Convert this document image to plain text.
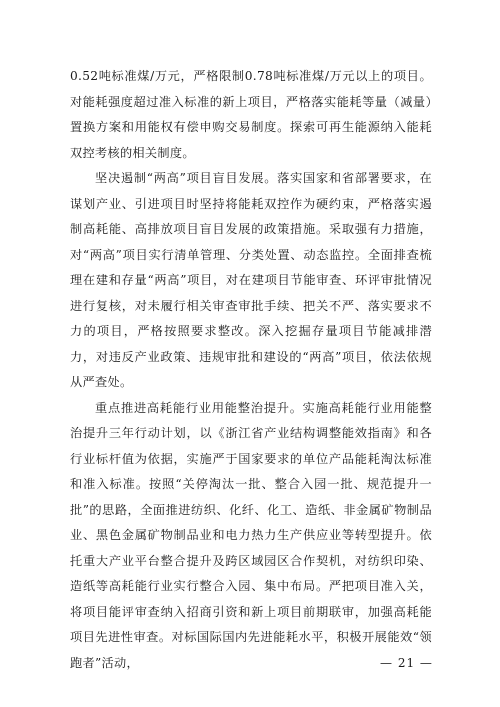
0.52吨标准煤/万元，严格限制0.78吨标准煤/万元以上的项目。对能耗强度超过准入标准的新上项目，严格落实能耗等量（减量）置换方案和用能权有偿申购交易制度。探索可再生能源纳入能耗双控考核的相关制度。

坚决遏制“两高”项目盲目发展。落实国家和省部署要求，在谋划产业、引进项目时坚持将能耗双控作为硬约束，严格落实遏制高耗能、高排放项目盲目发展的政策措施。采取强有力措施，对“两高”项目实行清单管理、分类处置、动态监控。全面排查梳理在建和存量“两高”项目，对在建项目节能审查、环评审批情况进行复核，对未履行相关审查审批手续、把关不严、落实要求不力的项目，严格按照要求整改。深入挖掘存量项目节能减排潜力，对违反产业政策、违规审批和建设的“两高”项目，依法依规从严查处。

重点推进高耗能行业用能整治提升。实施高耗能行业用能整治提升三年行动计划，以《浙江省产业结构调整能效指南》和各行业标杆值为依据，实施严于国家要求的单位产品能耗淘汰标准和准入标准。按照“关停淘汰一批、整合入园一批、规范提升一批”的思路，全面推进纺织、化纤、化工、造纸、非金属矿物制品业、黑色金属矿物制品业和电力热力生产供应业等转型提升。依托重大产业平台整合提升及跨区域园区合作契机，对纺织印染、造纸等高耗能行业实行整合入园、集中布局。严把项目准入关，将项目能评审查纳入招商引资和新上项目前期联审，加强高耗能项目先进性审查。对标国际国内先进能耗水平，积极开展能效“领跑者”活动，	— 21 —
